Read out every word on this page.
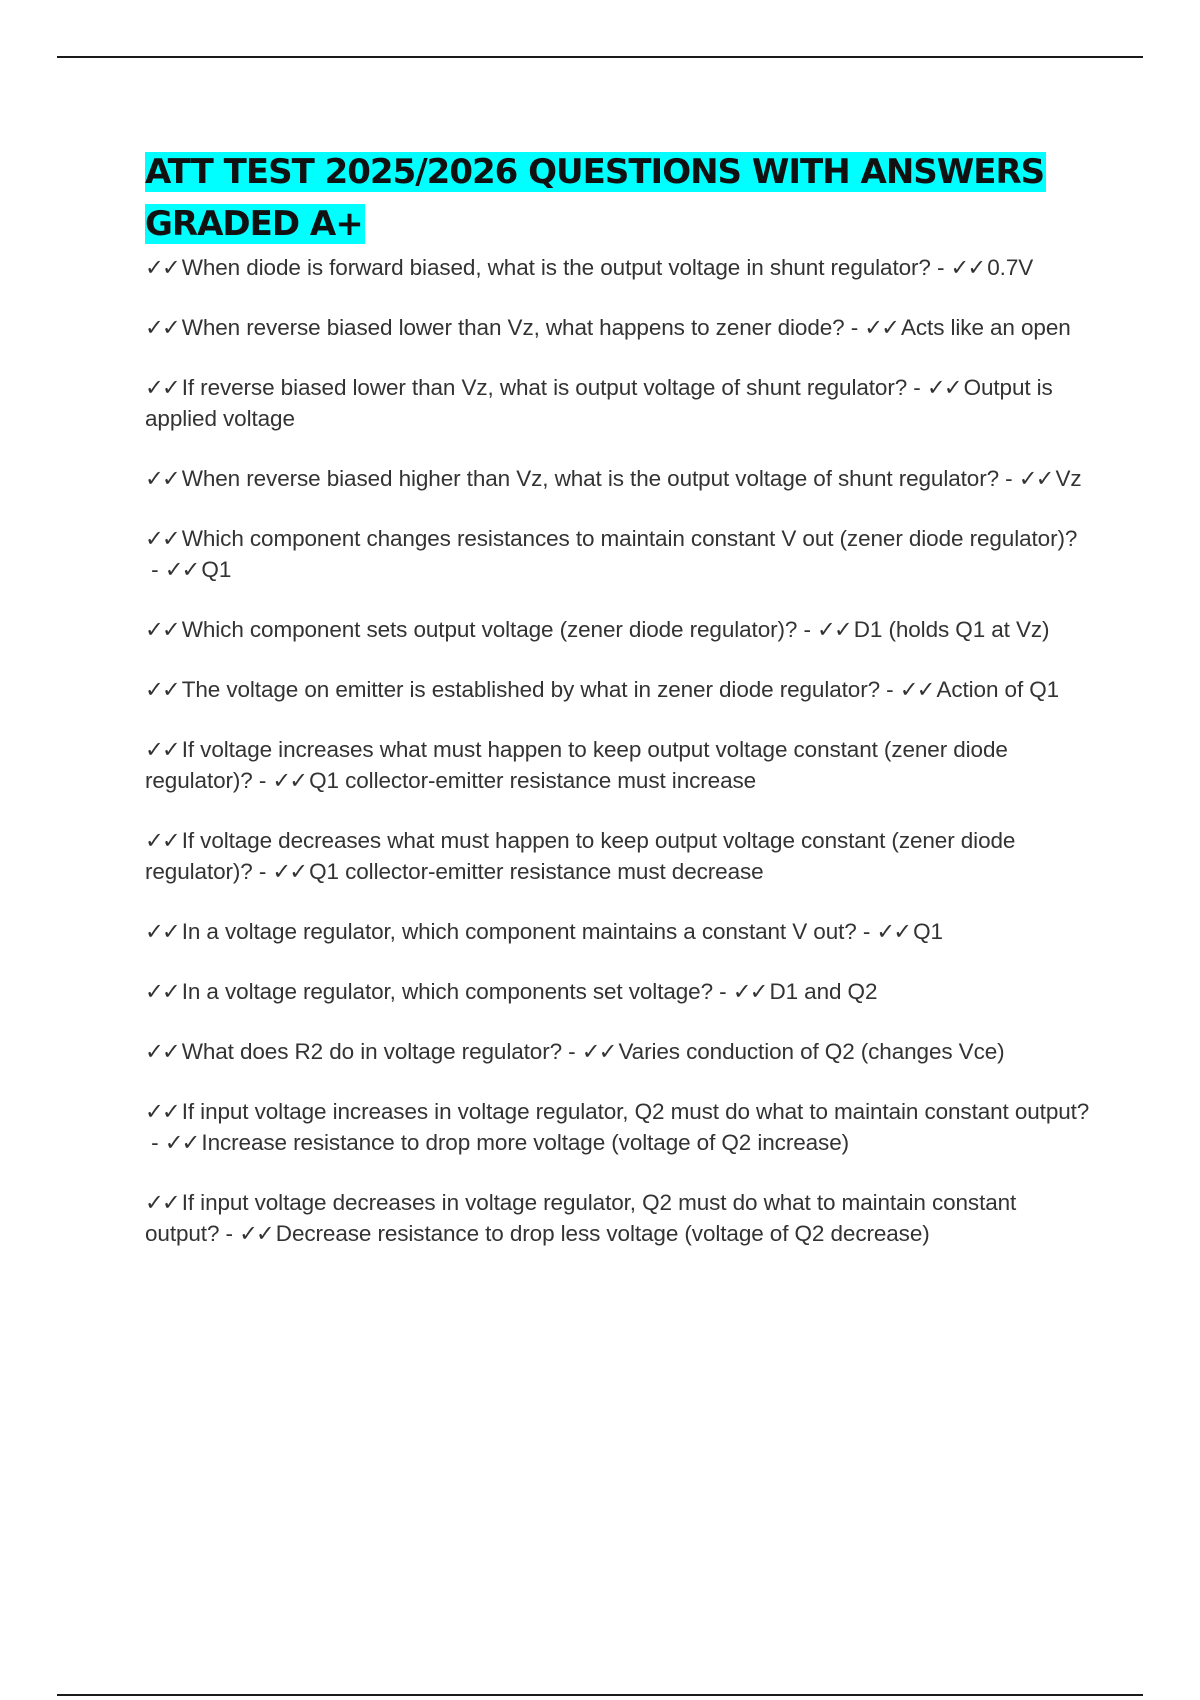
ATT TEST 2025/2026 QUESTIONS WITH ANSWERS GRADED A+
✓✓ When diode is forward biased, what is the output voltage in shunt regulator? - ✓✓ 0.7V
✓✓ When reverse biased lower than Vz, what happens to zener diode? - ✓✓ Acts like an open
✓✓ If reverse biased lower than Vz, what is output voltage of shunt regulator? - ✓✓ Output is applied voltage
✓✓ When reverse biased higher than Vz, what is the output voltage of shunt regulator? - ✓✓ Vz
✓✓ Which component changes resistances to maintain constant V out (zener diode regulator)? - ✓✓ Q1
✓✓ Which component sets output voltage (zener diode regulator)? - ✓✓ D1 (holds Q1 at Vz)
✓✓ The voltage on emitter is established by what in zener diode regulator? - ✓✓ Action of Q1
✓✓ If voltage increases what must happen to keep output voltage constant (zener diode regulator)? - ✓✓ Q1 collector-emitter resistance must increase
✓✓ If voltage decreases what must happen to keep output voltage constant (zener diode regulator)? - ✓✓ Q1 collector-emitter resistance must decrease
✓✓ In a voltage regulator, which component maintains a constant V out? - ✓✓ Q1
✓✓ In a voltage regulator, which components set voltage? - ✓✓ D1 and Q2
✓✓ What does R2 do in voltage regulator? - ✓✓ Varies conduction of Q2 (changes Vce)
✓✓ If input voltage increases in voltage regulator, Q2 must do what to maintain constant output? - ✓✓ Increase resistance to drop more voltage (voltage of Q2 increase)
✓✓ If input voltage decreases in voltage regulator, Q2 must do what to maintain constant output? - ✓✓ Decrease resistance to drop less voltage (voltage of Q2 decrease)
